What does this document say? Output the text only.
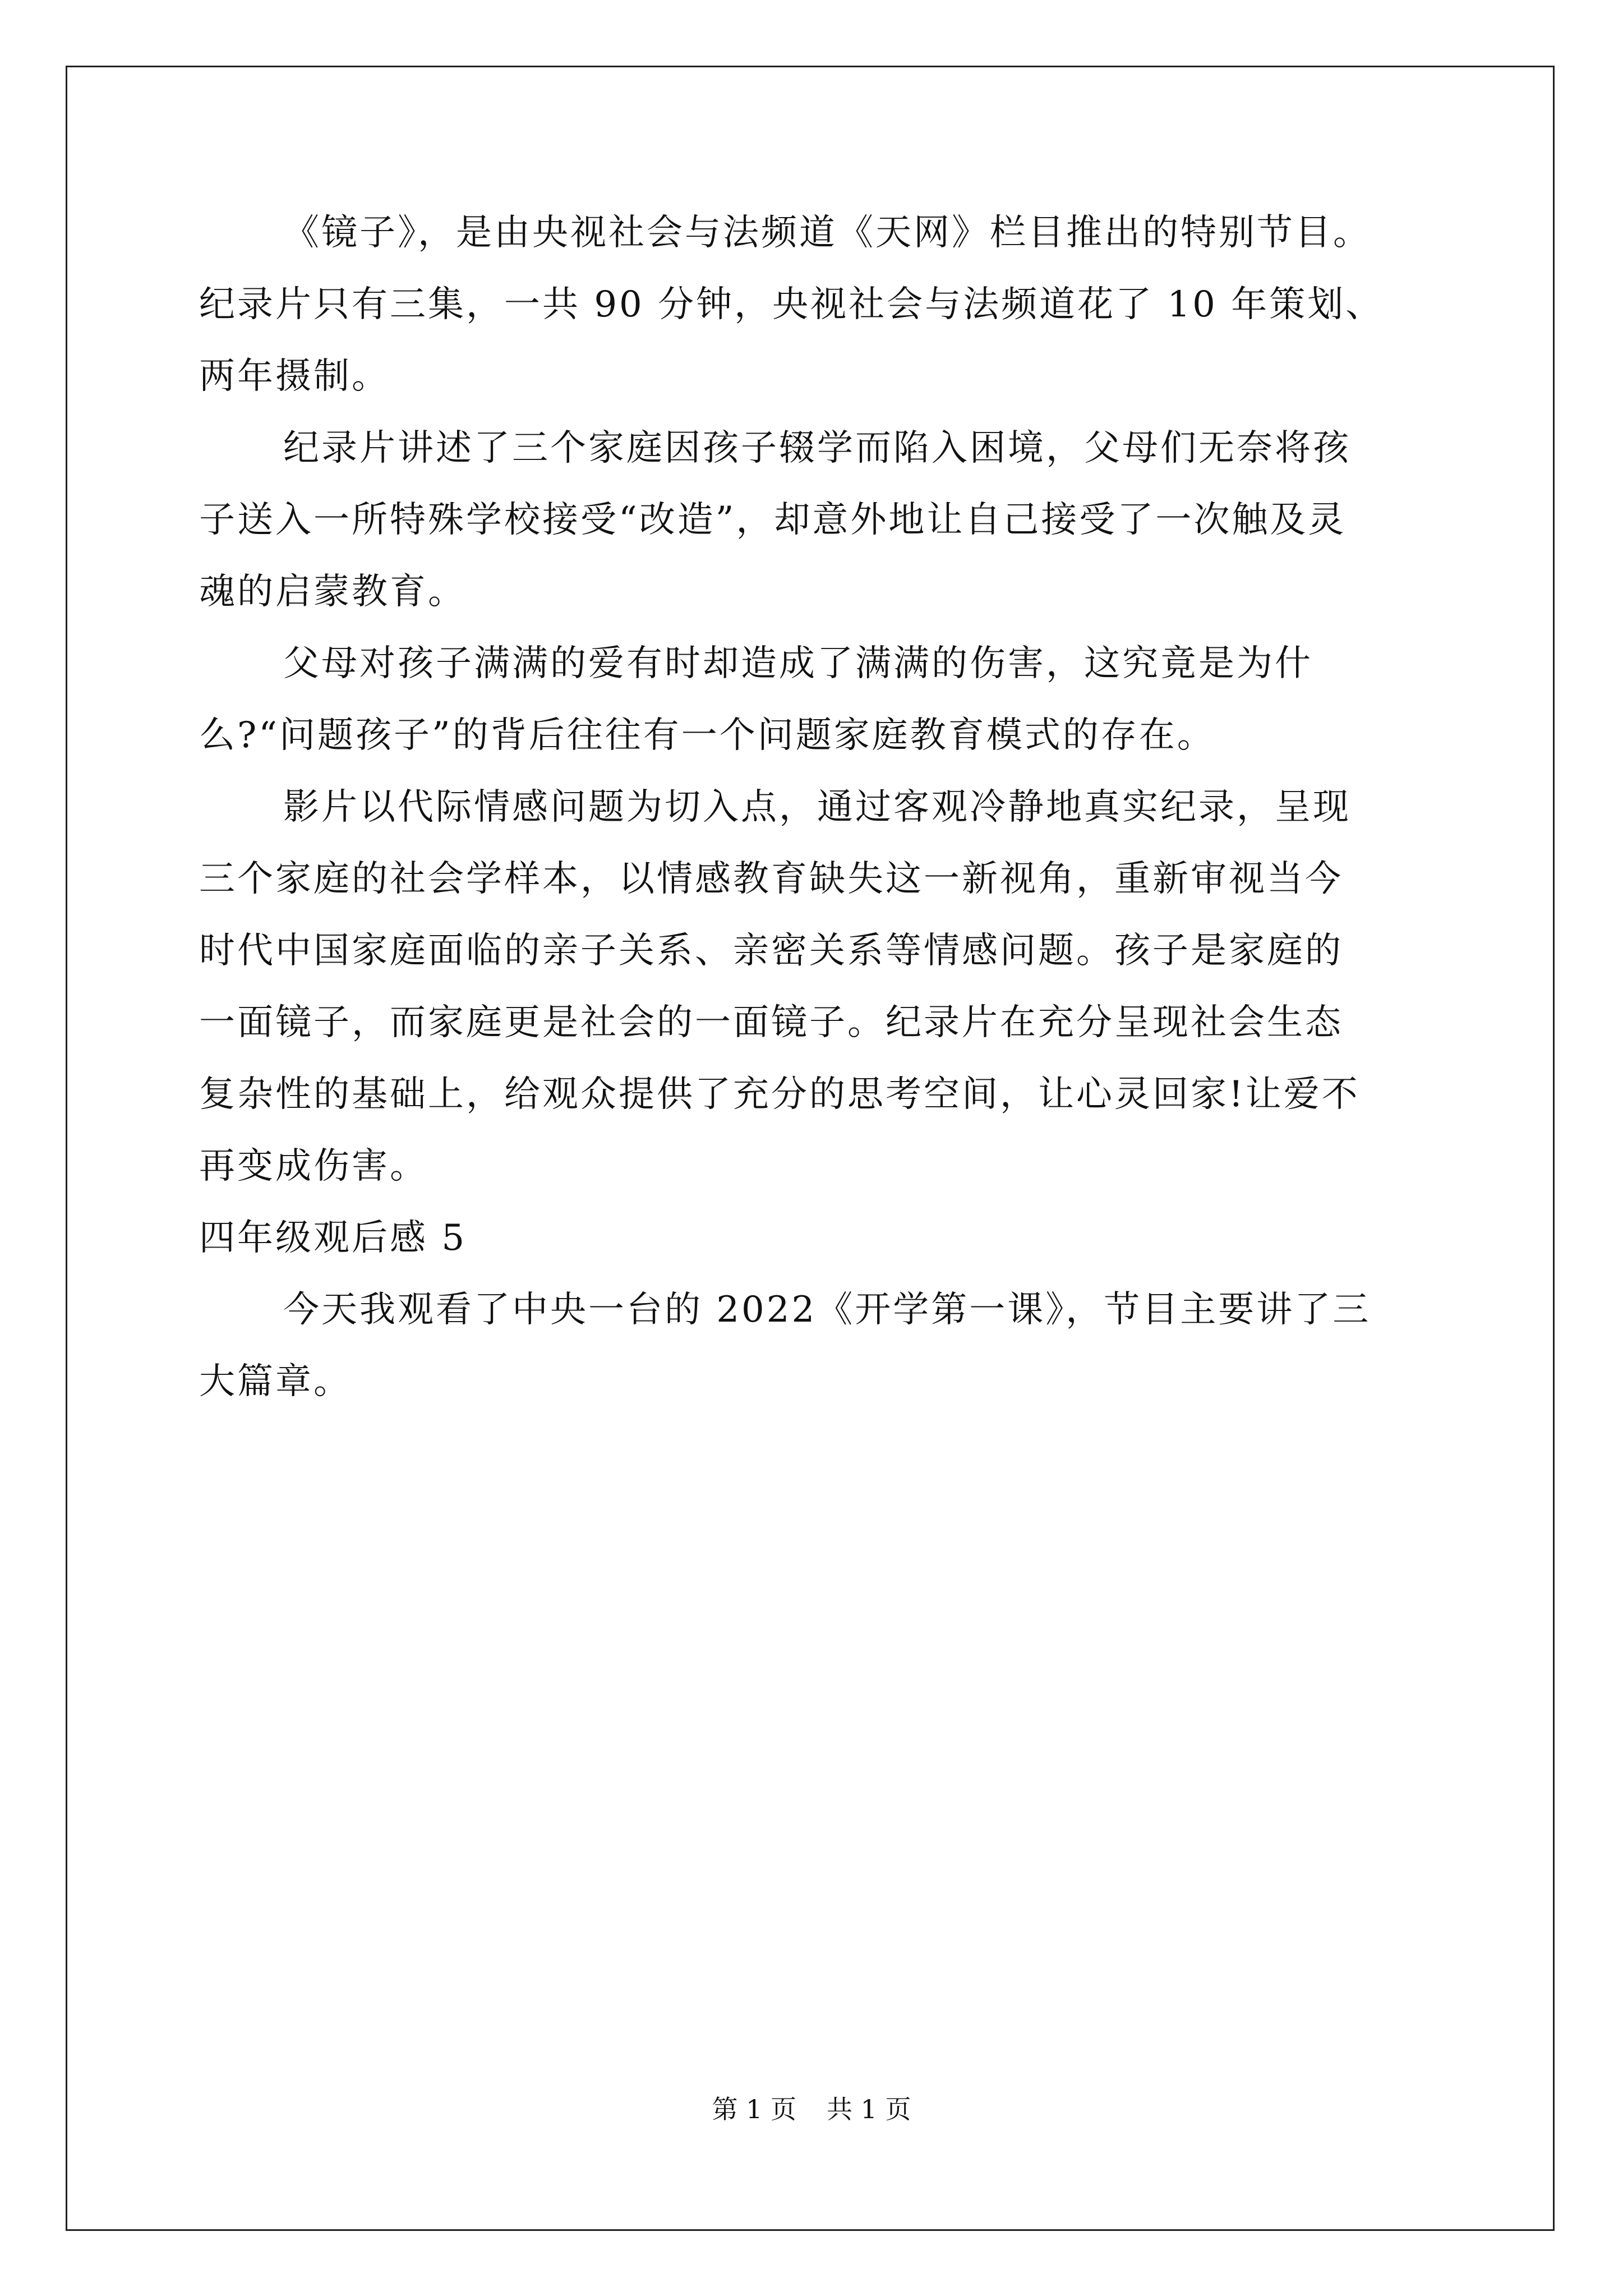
《镜子》，是由央视社会与法频道《天网》栏目推出的特别节目。
纪录片只有三集，一共 90 分钟，央视社会与法频道花了 10 年策划、
两年摄制。
纪录片讲述了三个家庭因孩子辍学而陷入困境，父母们无奈将孩
子送入一所特殊学校接受“改造”，却意外地让自己接受了一次触及灵
魂的启蒙教育。
父母对孩子满满的爱有时却造成了满满的伤害，这究竟是为什
么?“问题孩子”的背后往往有一个问题家庭教育模式的存在。
影片以代际情感问题为切入点，通过客观冷静地真实纪录，呈现
三个家庭的社会学样本，以情感教育缺失这一新视角，重新审视当今
时代中国家庭面临的亲子关系、亲密关系等情感问题。孩子是家庭的
一面镜子，而家庭更是社会的一面镜子。纪录片在充分呈现社会生态
复杂性的基础上，给观众提供了充分的思考空间，让心灵回家!让爱不
再变成伤害。
四年级观后感 5
今天我观看了中央一台的 2022《开学第一课》，节目主要讲了三
大篇章。
第 1 页 共 1 页
